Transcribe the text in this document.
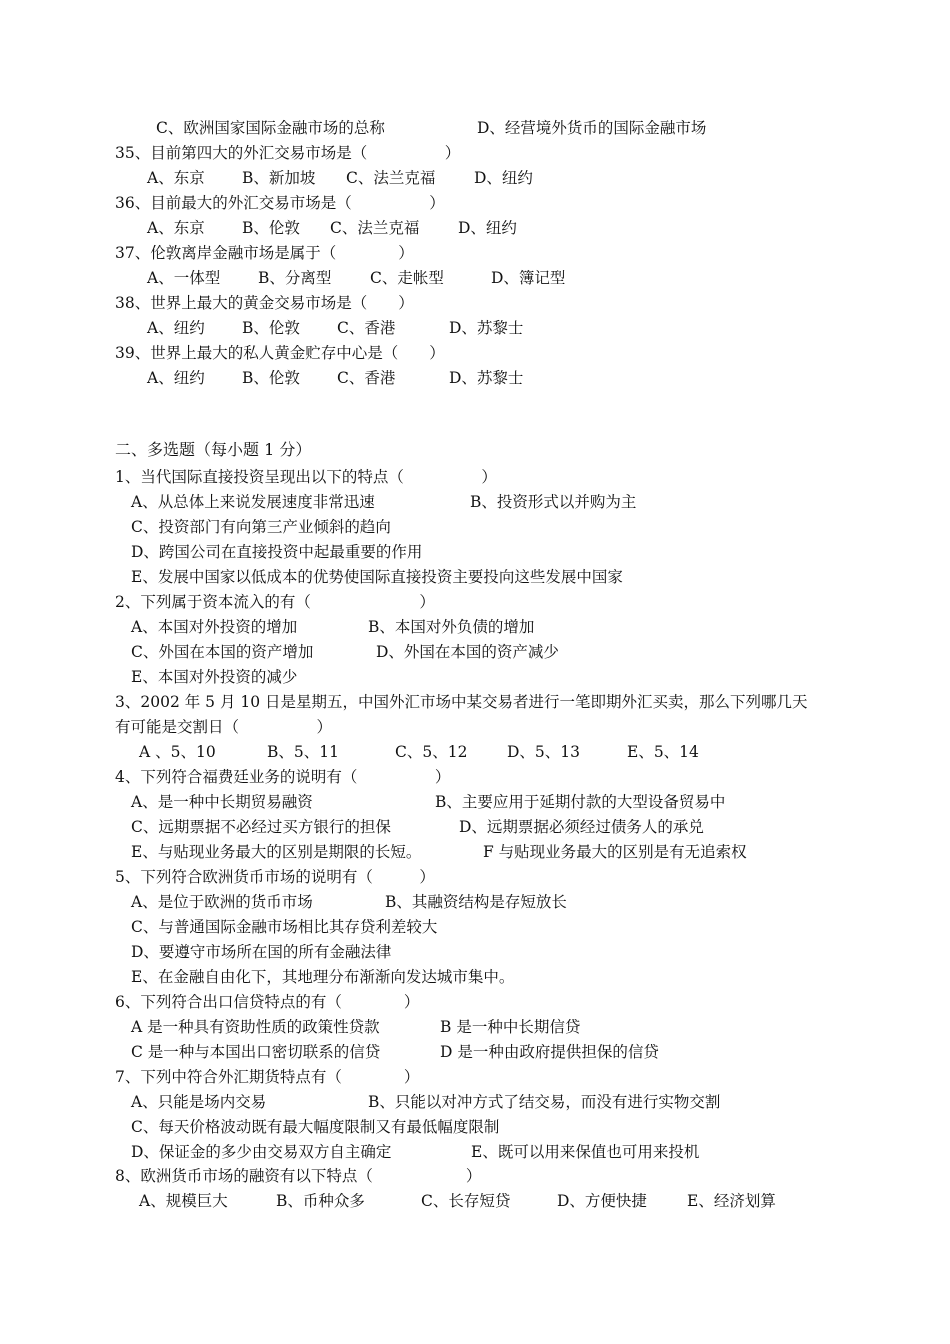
C、欧洲国家国际金融市场的总称

	D、经营境外货币的国际金融市场

35、目前第四大的外汇交易市场是（　　　　　）

A、东京

B、新加坡

C、法兰克福

D、纽约

36、目前最大的外汇交易市场是（　　　　　）

A、东京

B、伦敦

C、法兰克福

D、纽约

37、伦敦离岸金融市场是属于（　　　　）

A、一体型

B、分离型

C、走帐型

	D、簿记型

38、世界上最大的黄金交易市场是（　　）

A、纽约

B、伦敦

C、香港

	D、苏黎士

39、世界上最大的私人黄金贮存中心是（　　）

A、纽约

B、伦敦

C、香港

	D、苏黎士

二、多选题（每小题 1 分）
1、当代国际直接投资呈现出以下的特点（　　　　　）

A、从总体上来说发展速度非常迅速

	B、投资形式以并购为主

C、投资部门有向第三产业倾斜的趋向
D、跨国公司在直接投资中起最重要的作用
E、发展中国家以低成本的优势使国际直接投资主要投向这些发展中国家
2、下列属于资本流入的有（　　　　　　　）

A、本国对外投资的增加

	B、本国对外负债的增加

C、外国在本国的资产增加

	D、外国在本国的资产减少

E、本国对外投资的减少
3、2002 年 5 月 10 日是星期五，中国外汇市场中某交易者进行一笔即期外汇买卖，那么下列哪几天
有可能是交割日（　　　　　）

A 、5、10

	B、5、11

	C、5、12

	D、5、13

	E、5、14

4、下列符合福费廷业务的说明有（　　　　　）

A、是一种中长期贸易融资

	B、主要应用于延期付款的大型设备贸易中

C、远期票据不必经过买方银行的担保

	D、远期票据必须经过债务人的承兑

E、与贴现业务最大的区别是期限的长短。

	F 与贴现业务最大的区别是有无追索权

5、下列符合欧洲货币市场的说明有（　　　）

A、是位于欧洲的货币市场

	B、其融资结构是存短放长

C、与普通国际金融市场相比其存贷利差较大
D、要遵守市场所在国的所有金融法律
E、在金融自由化下，其地理分布渐渐向发达城市集中。
6、下列符合出口信贷特点的有（　　　　）

A 是一种具有资助性质的政策性贷款

	B 是一种中长期信贷

C 是一种与本国出口密切联系的信贷

	D 是一种由政府提供担保的信贷

7、下列中符合外汇期货特点有（　　　　）

A、只能是场内交易

	B、只能以对冲方式了结交易，而没有进行实物交割

C、每天价格波动既有最大幅度限制又有最低幅度限制

D、保证金的多少由交易双方自主确定

	E、既可以用来保值也可用来投机

8、欧洲货币市场的融资有以下特点（　　　　　　）

A、规模巨大

	B、币种众多

	C、长存短贷

	D、方便快捷

	E、经济划算
